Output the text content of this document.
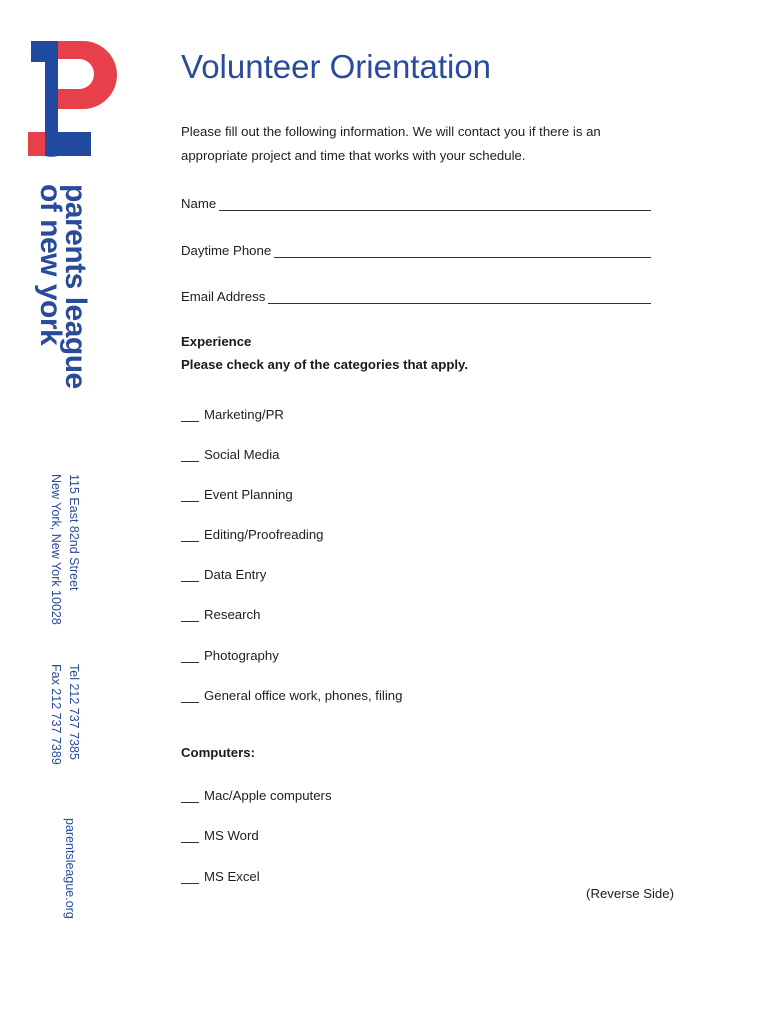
parents league
of new york
115 East 82nd Street
New York, New York 10028
Tel 212 737 7385
Fax 212 737 7389
parentsleague.org
Volunteer Orientation

Please fill out the following information. We will contact you if there is an appropriate project and time that works with your schedule.

Name
Daytime Phone
Email Address
Experience
Please check any of the categories that apply.
Marketing/PR
Social Media
Event Planning
Editing/Proofreading
Data Entry
Research
Photography
General office work, phones, filing
Computers:
Mac/Apple computers
MS Word
MS Excel
(Reverse Side)
